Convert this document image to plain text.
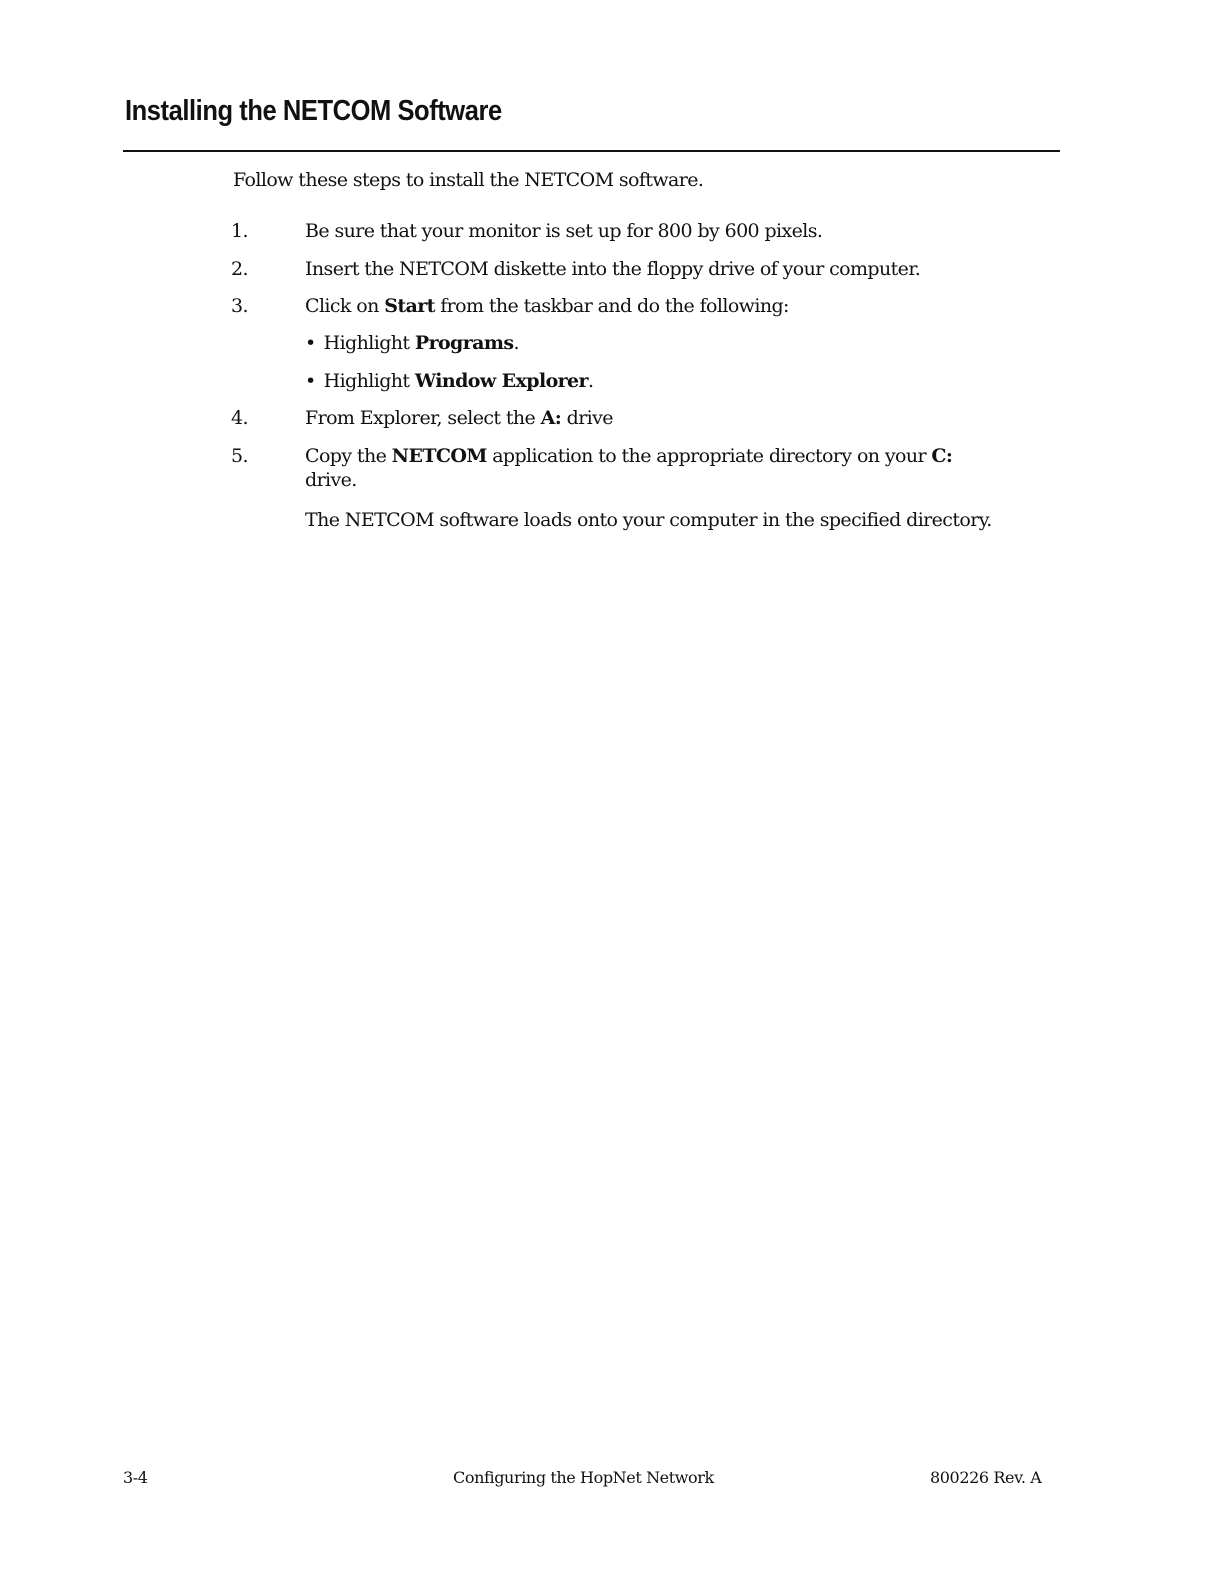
Installing the NETCOM Software
Follow these steps to install the NETCOM software.
1.	Be sure that your monitor is set up for 800 by 600 pixels.
2.	Insert the NETCOM diskette into the floppy drive of your computer.
3.	Click on Start from the taskbar and do the following:
• Highlight Programs.
• Highlight Window Explorer.
4.	From Explorer, select the A: drive
5.	Copy the NETCOM application to the appropriate directory on your C:
drive.
The NETCOM software loads onto your computer in the specified directory.
3-4	Configuring the HopNet Network	800226 Rev. A
